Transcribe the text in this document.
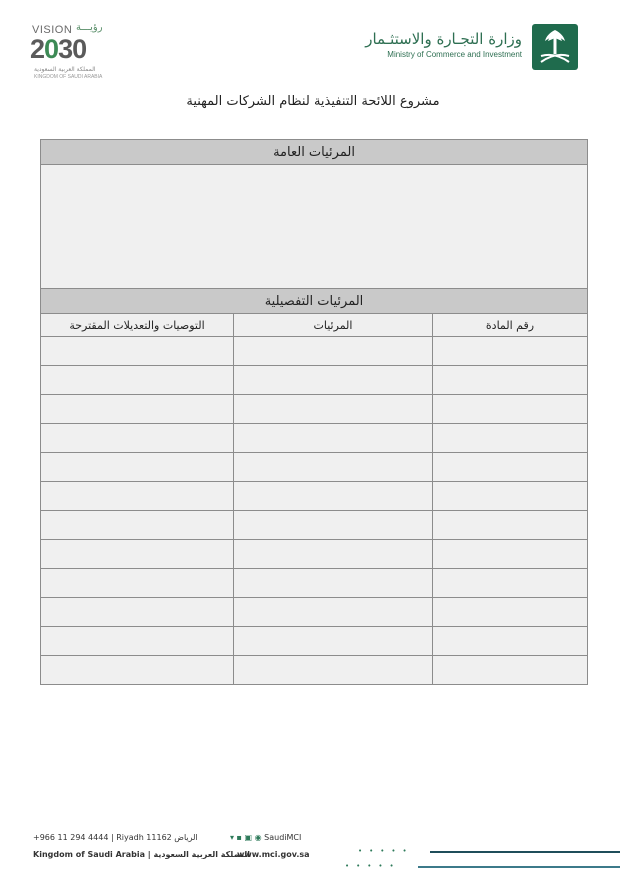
VISION رؤيـــة
2030
المملكة العربية السعودية
KINGDOM OF SAUDI ARABIA
وزارة التجـارة والاستثـمار
Ministry of Commerce and Investment
مشروع اللائحة التنفيذية لنظام الشركات المهنية
المرئيات العامة		

المرئيات التفصيلية		
التوصيات والتعديلات المقترحة	المرئيات	رقم المادة

+966 11 294 4444 | Riyadh 11162 الرياض
Kingdom of Saudi Arabia | المملكة العربية السعودية
▾ ▪ ▣ ◉ SaudiMCI
www.mci.gov.sa	•••••
•••••
